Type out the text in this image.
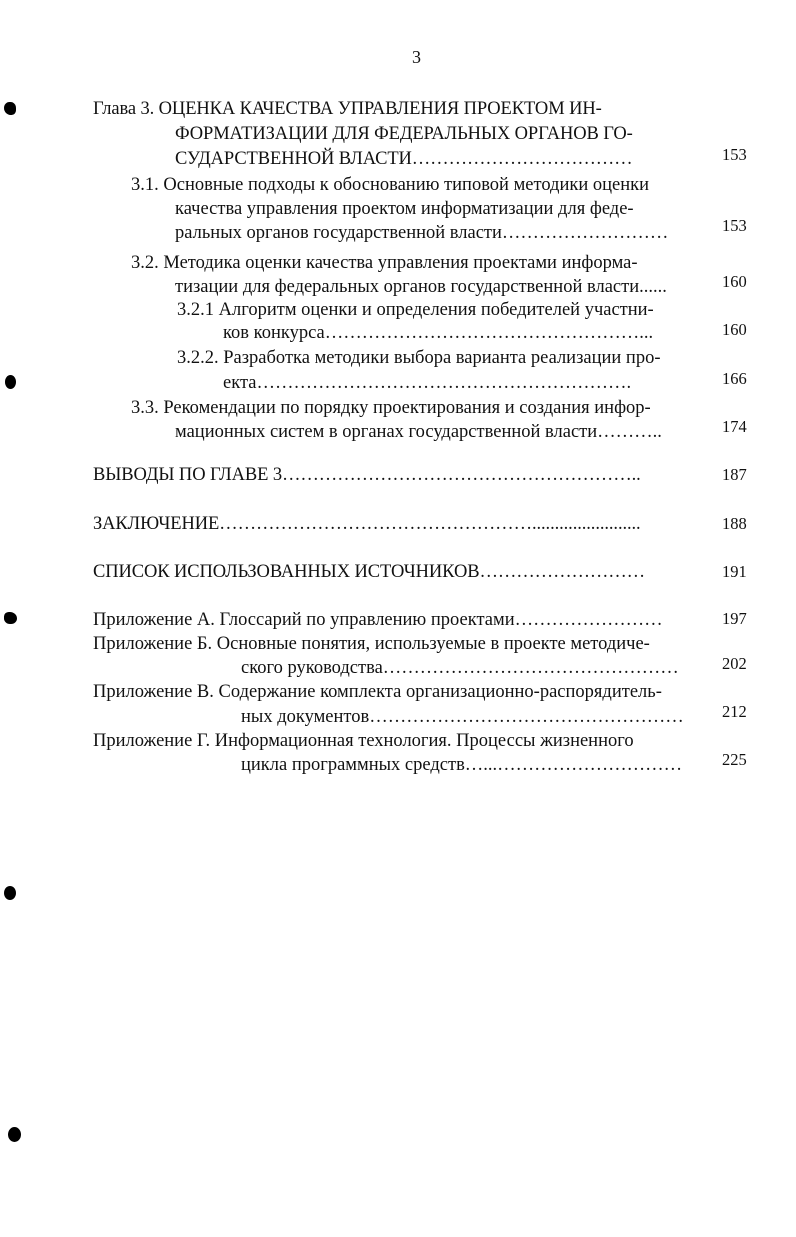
3
Глава 3. ОЦЕНКА КАЧЕСТВА УПРАВЛЕНИЯ ПРОЕКТОМ ИН-
ФОРМАТИЗАЦИИ ДЛЯ ФЕДЕРАЛЬНЫХ ОРГАНОВ ГО-
СУДАРСТВЕННОЙ ВЛАСТИ………………………………	153
3.1. Основные подходы к обоснованию типовой методики оценки
качества управления проектом информатизации для феде-
ральных органов государственной власти………………………	153
3.2. Методика оценки качества управления проектами информа-
тизации для федеральных органов государственной власти......	160
3.2.1 Алгоритм оценки и определения победителей участни-
ков конкурса……………………………………………...	160
3.2.2. Разработка методики выбора варианта реализации про-
екта…………………………………………………….	166
3.3. Рекомендации по порядку проектирования и создания инфор-
мационных систем в органах государственной власти………..	174
ВЫВОДЫ ПО ГЛАВЕ 3…………………………………………………..	187
ЗАКЛЮЧЕНИЕ……………………………………………........................	188
СПИСОК ИСПОЛЬЗОВАННЫХ ИСТОЧНИКОВ………………………	191
Приложение А. Глоссарий по управлению проектами……………………	197
Приложение Б. Основные понятия, используемые в проекте методиче-
ского руководства…………………………………………	202
Приложение В. Содержание комплекта организационно-распорядитель-
ных документов…………………………………………… 212
Приложение Г. Информационная технология. Процессы жизненного
цикла программных средств…...………………………… 225
